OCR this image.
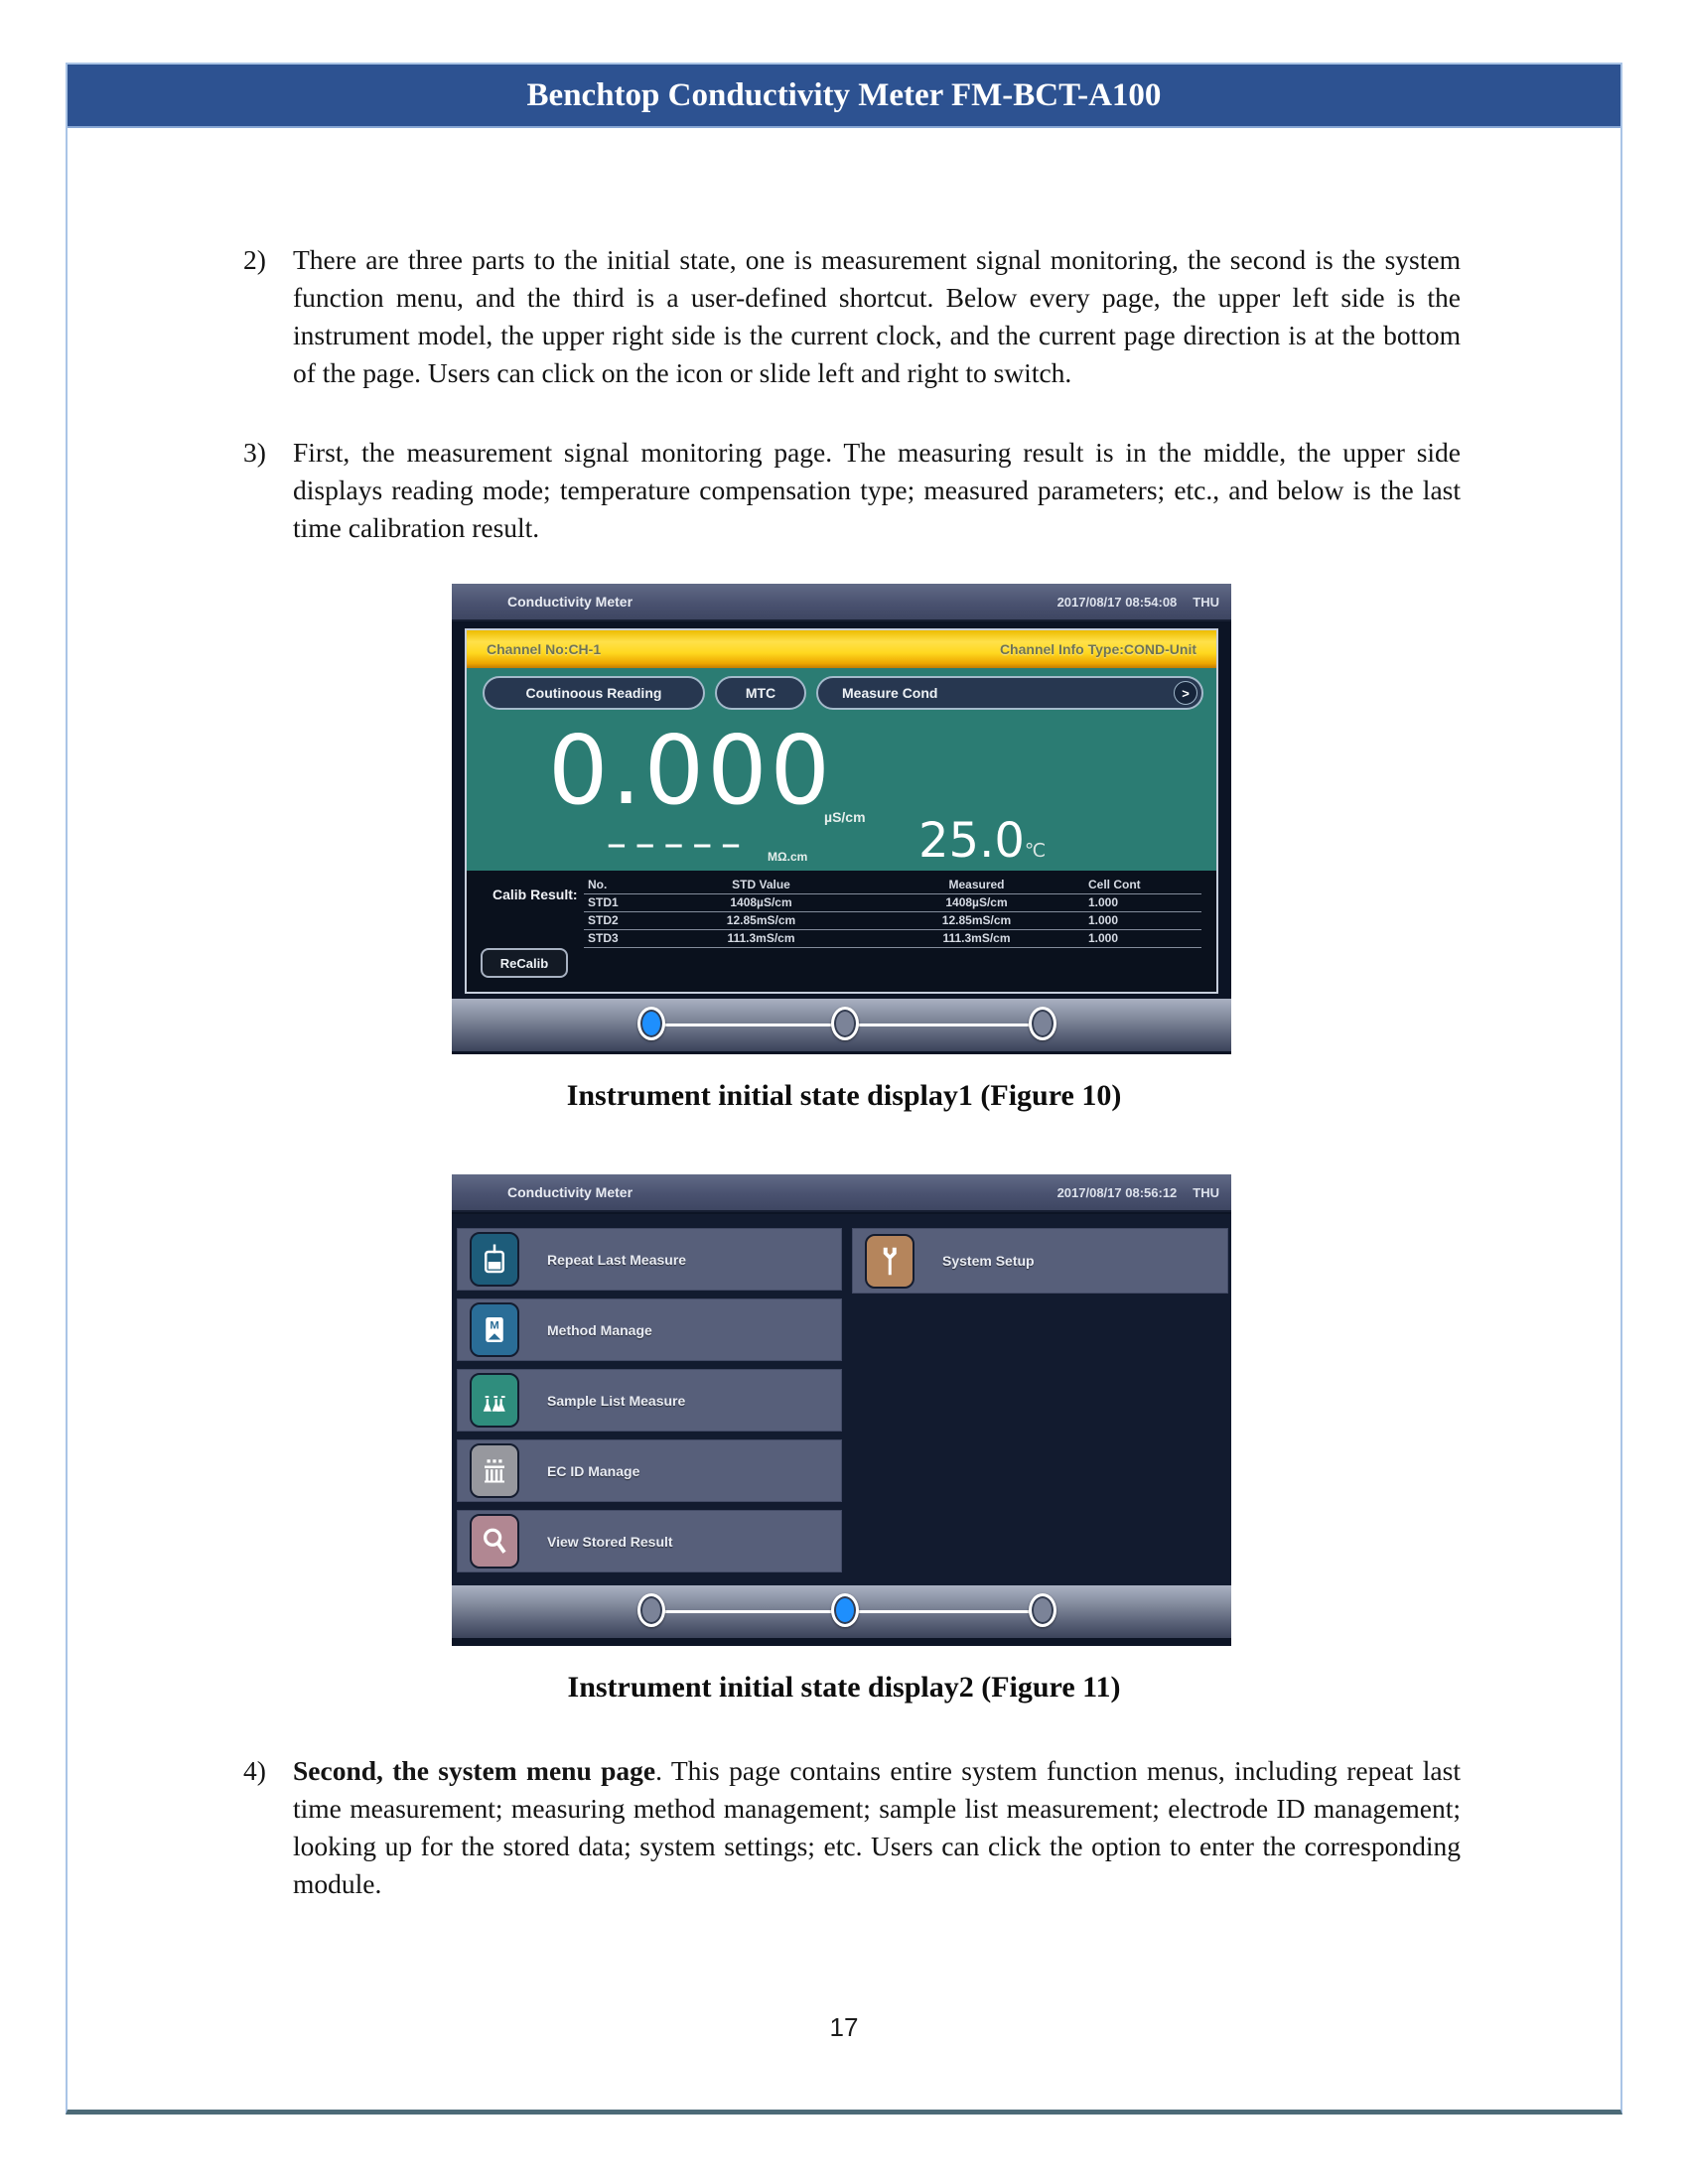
Benchtop Conductivity Meter FM-BCT-A100
2) There are three parts to the initial state, one is measurement signal monitoring, the second is the system function menu, and the third is a user-defined shortcut. Below every page, the upper left side is the instrument model, the upper right side is the current clock, and the current page direction is at the bottom of the page. Users can click on the icon or slide left and right to switch.
3) First, the measurement signal monitoring page. The measuring result is in the middle, the upper side displays reading mode; temperature compensation type; measured parameters; etc., and below is the last time calibration result.
Conductivity Meter	2017/08/17 08:54:08 THU
Channel No:CH-1	Channel Info Type:COND-Unit
Coutinoous Reading	MTC	Measure Cond	>
0.000
µS/cm
−−−−− MΩ.cm 25.0℃
Calib Result:
No.	STD Value	Measured	Cell Cont
STD1	1408µS/cm	1408µS/cm	1.000
STD2	12.85mS/cm	12.85mS/cm	1.000
STD3	111.3mS/cm	111.3mS/cm	1.000
ReCalib
Instrument initial state display1 (Figure 10)
Conductivity Meter	2017/08/17 08:56:12 THU
Repeat Last Measure
M	Method Manage
Sample List Measure
EC ID Manage
View Stored Result
System Setup
Instrument initial state display2 (Figure 11)
4) Second, the system menu page. This page contains entire system function menus, including repeat last time measurement; measuring method management; sample list measurement; electrode ID management; looking up for the stored data; system settings; etc. Users can click the option to enter the corresponding module.
17
